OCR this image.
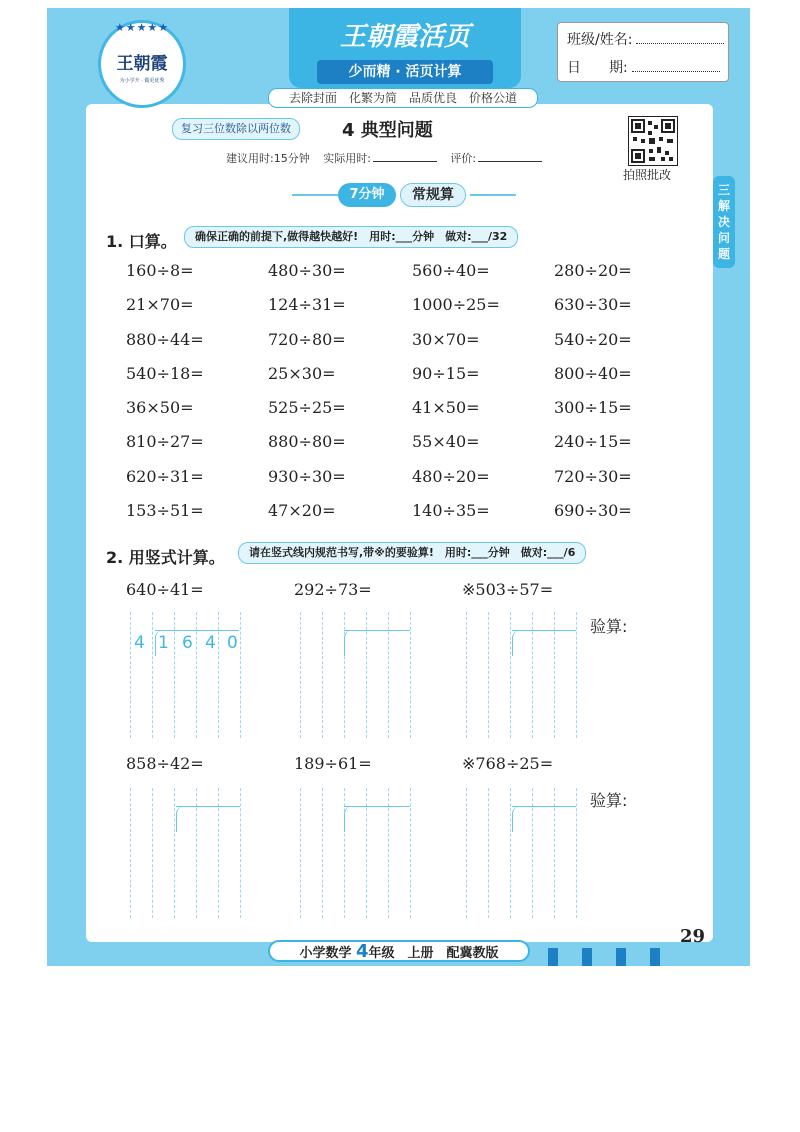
★★★★★
王朝霞
为小学升 · 做更优秀
王朝霞活页
少而精 · 活页计算
班级/姓名:
日　　期:
去除封面　化繁为简　品质优良　价格公道
复习三位数除以两位数	4 典型问题
建议用时:15分钟 实际用时:	评价:
拍照批改
三 解决问题
7分钟	常规算
1. 口算。	确保正确的前提下,做得越快越好!　用时:___分钟　做对:___/32
160÷8=	480÷30=	560÷40=	280÷20=
21×70=	124÷31=	1000÷25=	630÷30=
880÷44=	720÷80=	30×70=	540÷20=
540÷18=	25×30=	90÷15=	800÷40=
36×50=	525÷25=	41×50=	300÷15=
810÷27=	880÷80=	55×40=	240÷15=
620÷31=	930÷30=	480÷20=	720÷30=
153÷51=	47×20=	140÷35=	690÷30=
2. 用竖式计算。	请在竖式线内规范书写,带※的要验算!　用时:___分钟　做对:___/6
640÷41=	292÷73=	※503÷57=
验算:
858÷42=	189÷61=	※768÷25=
验算:
4 1 6 4 0
29
小学数学 4年级　上册　配冀教版
